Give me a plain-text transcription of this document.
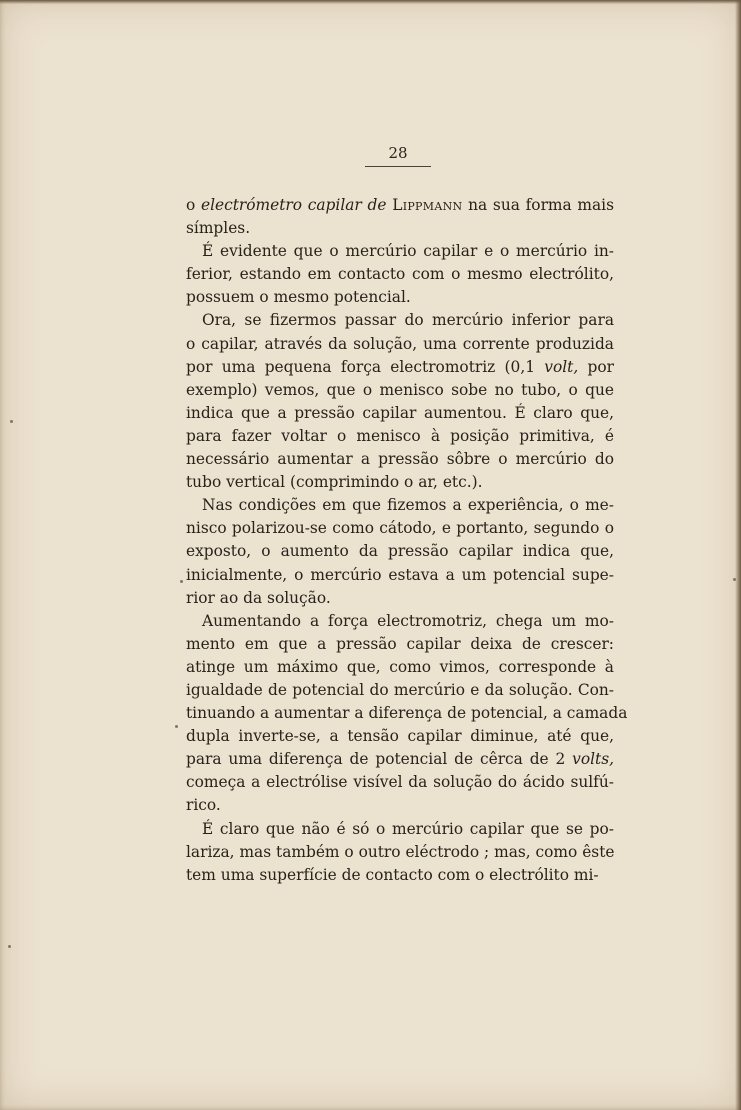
28
o electrómetro capilar de Lippmann na sua forma mais
símples.
É evidente que o mercúrio capilar e o mercúrio in-
ferior, estando em contacto com o mesmo electrólito,
possuem o mesmo potencial.
Ora, se fizermos passar do mercúrio inferior para
o capilar, através da solução, uma corrente produzida
por uma pequena força electromotriz (0,1 volt, por
exemplo) vemos, que o menisco sobe no tubo, o que
indica que a pressão capilar aumentou. É claro que,
para fazer voltar o menisco à posição primitiva, é
necessário aumentar a pressão sôbre o mercúrio do
tubo vertical (comprimindo o ar, etc.).
Nas condições em que fizemos a experiência, o me-
nisco polarizou-se como cátodo, e portanto, segundo o
exposto, o aumento da pressão capilar indica que,
inicialmente, o mercúrio estava a um potencial supe-
rior ao da solução.
Aumentando a força electromotriz, chega um mo-
mento em que a pressão capilar deixa de crescer:
atinge um máximo que, como vimos, corresponde à
igualdade de potencial do mercúrio e da solução. Con-
tinuando a aumentar a diferença de potencial, a camada
dupla inverte-se, a tensão capilar diminue, até que,
para uma diferença de potencial de cêrca de 2 volts,
começa a electrólise visível da solução do ácido sulfú-
rico.
É claro que não é só o mercúrio capilar que se po-
lariza, mas também o outro eléctrodo ; mas, como êste
tem uma superfície de contacto com o electrólito mi-
